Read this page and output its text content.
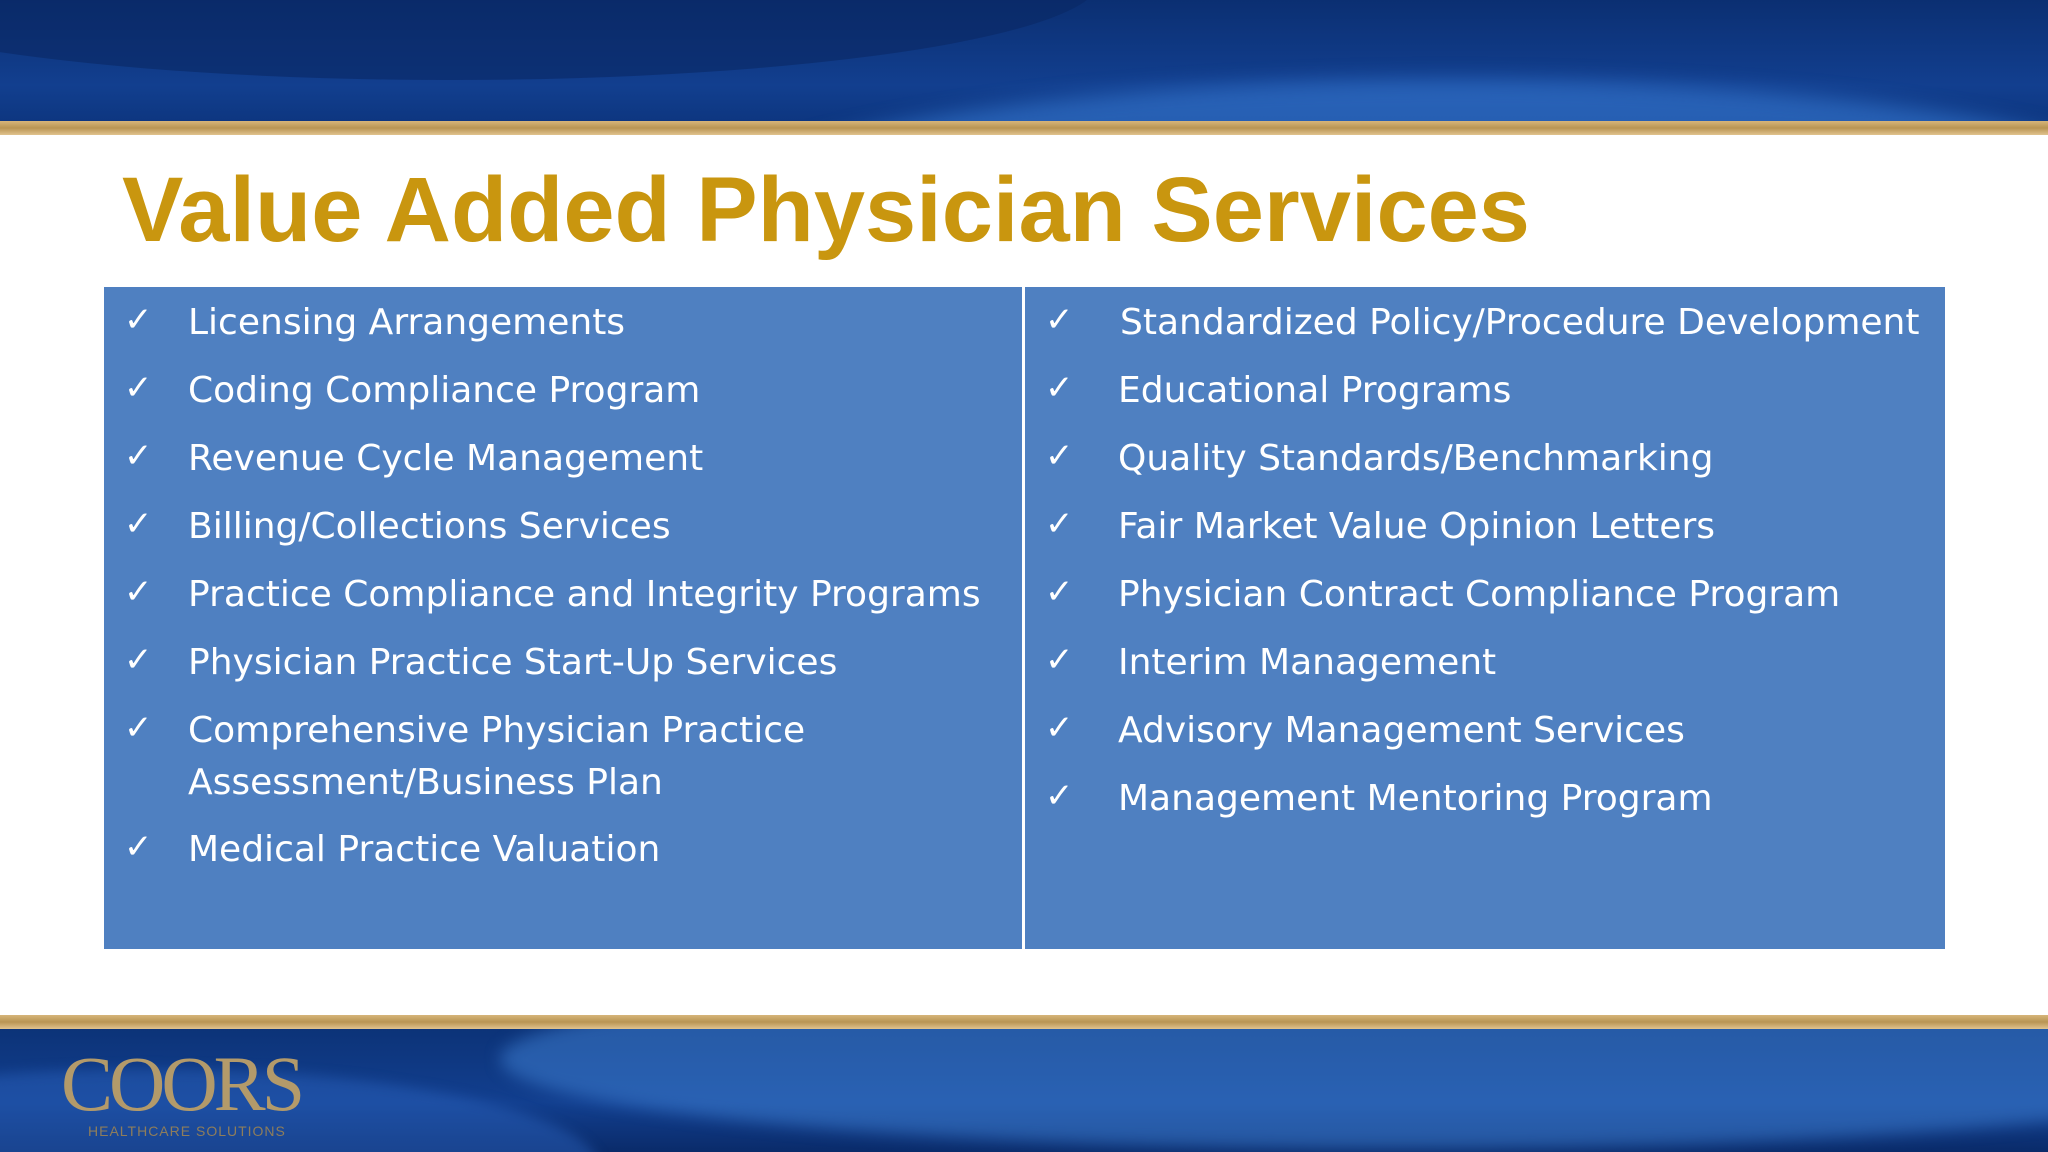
Value Added Physician Services
✓ Licensing Arrangements
✓ Coding Compliance Program
✓ Revenue Cycle Management
✓ Billing/Collections Services
✓ Practice Compliance and Integrity Programs
✓ Physician Practice Start-Up Services
✓ Comprehensive Physician Practice
Assessment/Business Plan
✓ Medical Practice Valuation
✓ Standardized Policy/Procedure Development
✓ Educational Programs
✓ Quality Standards/Benchmarking
✓ Fair Market Value Opinion Letters
✓ Physician Contract Compliance Program
✓ Interim Management
✓ Advisory Management Services
✓ Management Mentoring Program
COORS
HEALTHCARE SOLUTIONS
